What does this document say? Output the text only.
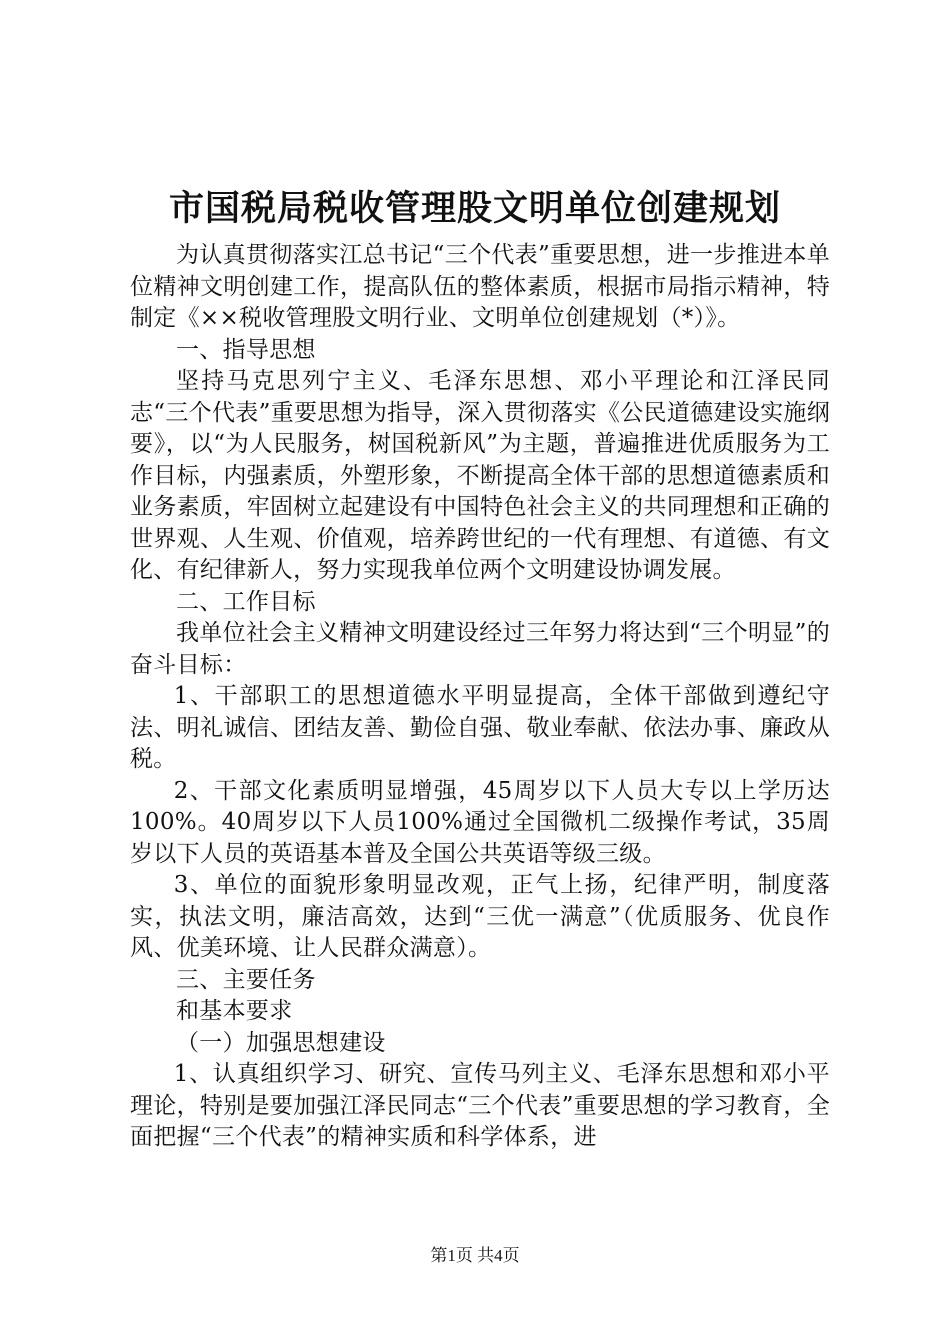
市国税局税收管理股文明单位创建规划

为认真贯彻落实江总书记“三个代表”重要思想，进一步推进本单位精神文明创建工作，提高队伍的整体素质，根据市局指示精神，特制定《××税收管理股文明行业、文明单位创建规划（*）》。

一、指导思想

坚持马克思列宁主义、毛泽东思想、邓小平理论和江泽民同志“三个代表”重要思想为指导，深入贯彻落实《公民道德建设实施纲要》，以“为人民服务，树国税新风”为主题，普遍推进优质服务为工作目标，内强素质，外塑形象，不断提高全体干部的思想道德素质和业务素质，牢固树立起建设有中国特色社会主义的共同理想和正确的世界观、人生观、价值观，培养跨世纪的一代有理想、有道德、有文化、有纪律新人，努力实现我单位两个文明建设协调发展。

二、工作目标

我单位社会主义精神文明建设经过三年努力将达到“三个明显”的奋斗目标：

1、干部职工的思想道德水平明显提高，全体干部做到遵纪守法、明礼诚信、团结友善、勤俭自强、敬业奉献、依法办事、廉政从税。

2、干部文化素质明显增强，45周岁以下人员大专以上学历达100%。40周岁以下人员100%通过全国微机二级操作考试，35周岁以下人员的英语基本普及全国公共英语等级三级。

3、单位的面貌形象明显改观，正气上扬，纪律严明，制度落实，执法文明，廉洁高效，达到“三优一满意”（优质服务、优良作风、优美环境、让人民群众满意）。

三、主要任务

和基本要求

（一）加强思想建设

1、认真组织学习、研究、宣传马列主义、毛泽东思想和邓小平理论，特别是要加强江泽民同志“三个代表”重要思想的学习教育，全面把握“三个代表”的精神实质和科学体系，进

第1页 共4页
